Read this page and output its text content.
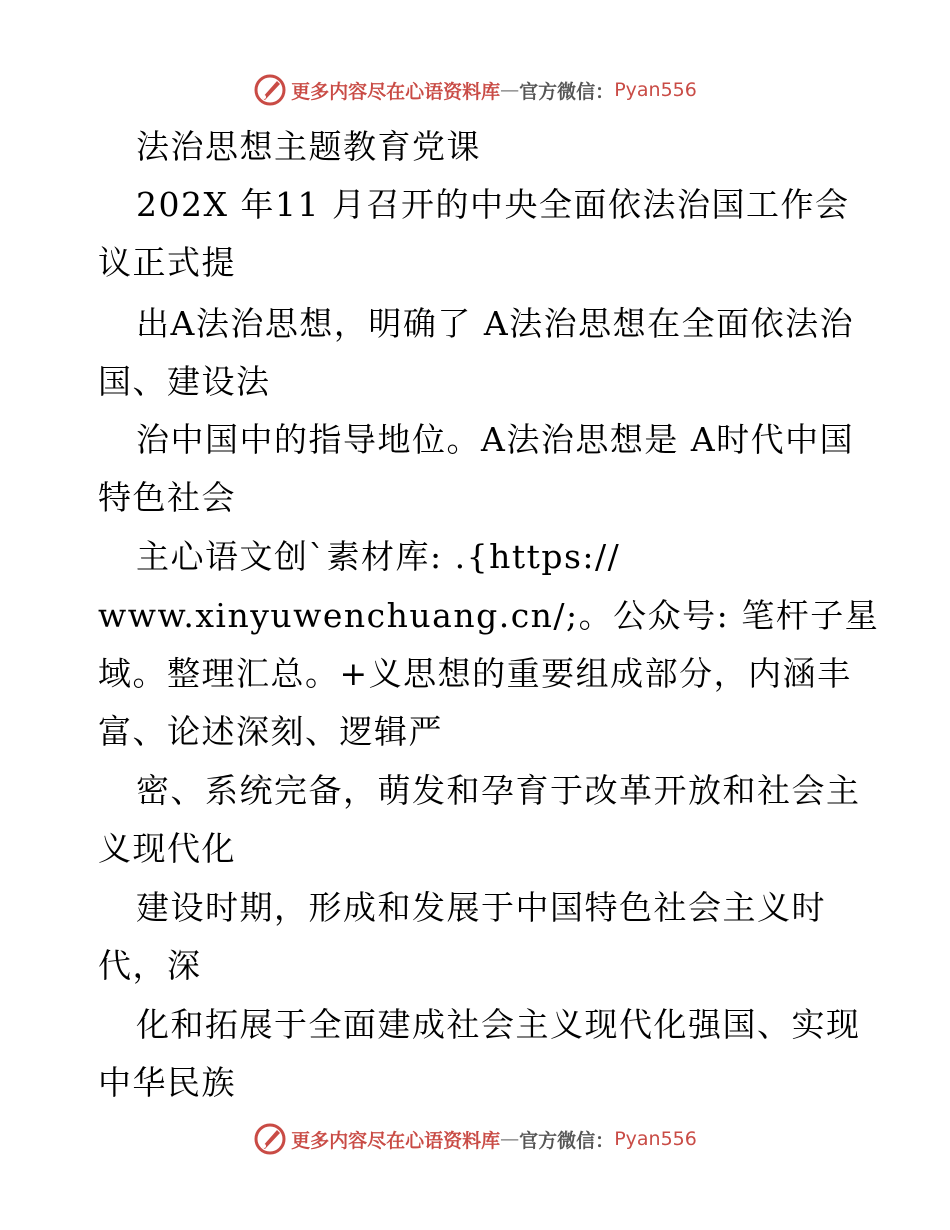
更多内容尽在心语资料库 — 官方微信： Pyan556
法治思想主题教育党课
202X 年11 月召开的中央全面依法治国工作会
议正式提
出A法治思想，明确了 A法治思想在全面依法治
国、建设法
治中国中的指导地位。A法治思想是 A时代中国
特色社会
主心语文创`素材库: .{https://
www.xinyuwenchuang.cn/;。公众号: 笔杆子星
域。整理汇总。+义思想的重要组成部分，内涵丰
富、论述深刻、逻辑严
密、系统完备，萌发和孕育于改革开放和社会主
义现代化
建设时期，形成和发展于中国特色社会主义时
代，深
化和拓展于全面建成社会主义现代化强国、实现
中华民族
更多内容尽在心语资料库 — 官方微信： Pyan556
